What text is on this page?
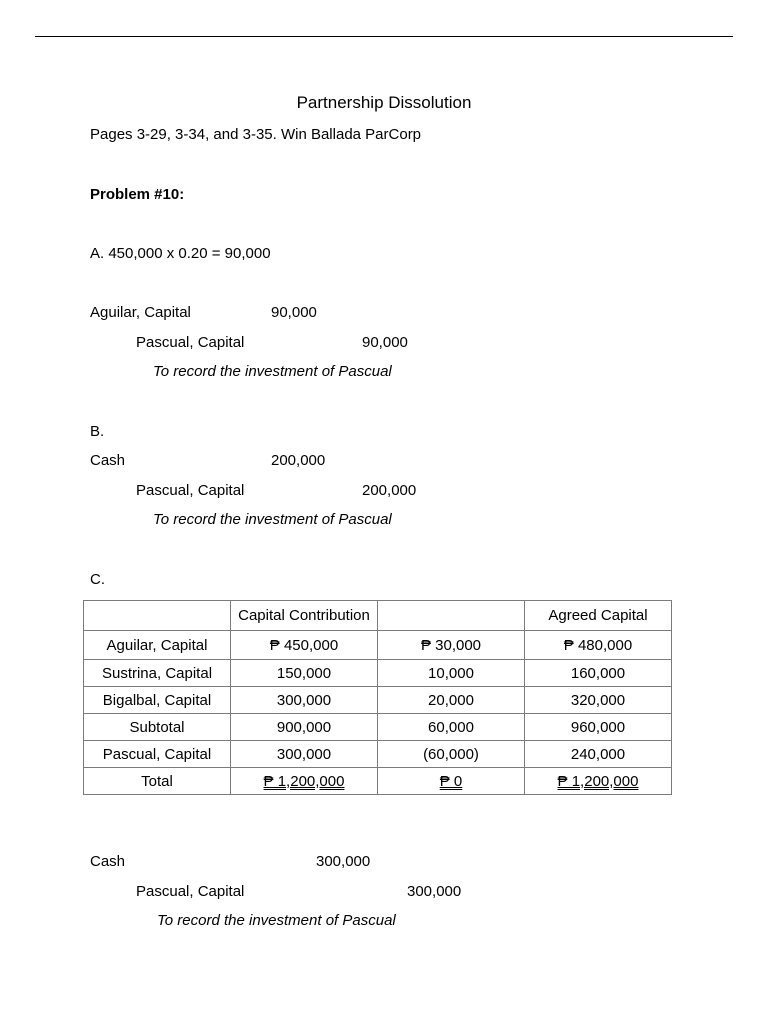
Partnership Dissolution
Pages 3-29, 3-34, and 3-35. Win Ballada ParCorp
Problem #10:
A. 450,000 x 0.20 = 90,000
Aguilar, Capital	90,000
Pascual, Capital	90,000
To record the investment of Pascual
B.
Cash	200,000
Pascual, Capital	200,000
To record the investment of Pascual
C.
	Capital Contribution		Agreed Capital
Aguilar, Capital	₱ 450,000	₱ 30,000	₱ 480,000
Sustrina, Capital	150,000	10,000	160,000
Bigalbal, Capital	300,000	20,000	320,000
Subtotal	900,000	60,000	960,000
Pascual, Capital	300,000	(60,000)	240,000
Total	₱ 1,200,000	₱ 0	₱ 1,200,000
Cash	300,000
Pascual, Capital	300,000
To record the investment of Pascual
